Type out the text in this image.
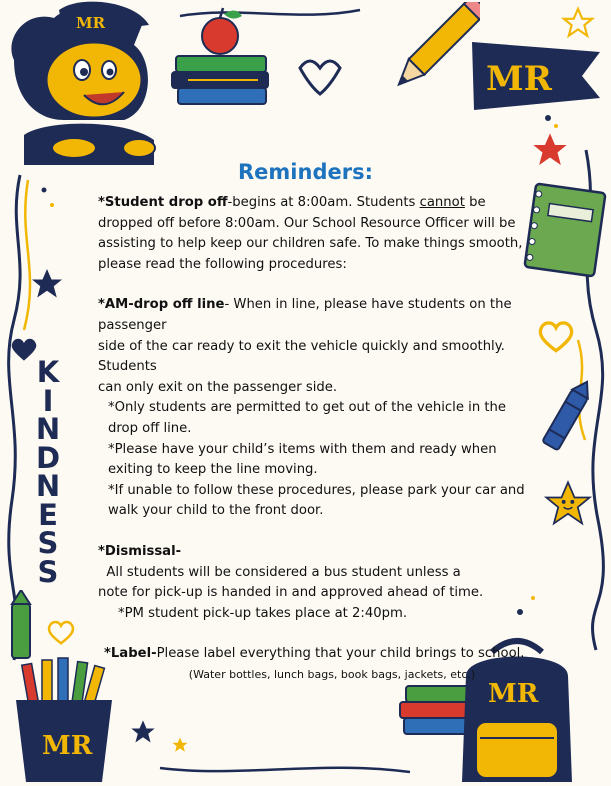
MR
MR
MR
MR
Reminders:
K
I
N
D
N
E
S
S

*Student drop off-begins at 8:00am. Students cannot be

dropped off before 8:00am. Our School Resource Officer will be

assisting to help keep our children safe. To make things smooth,

please read the following procedures:

*AM-drop off line- When in line, please have students on the

passenger

side of the car ready to exit the vehicle quickly and smoothly.

Students

can only exit on the passenger side.

*Only students are permitted to get out of the vehicle in the

drop off line.

*Please have your child’s items with them and ready when

exiting to keep the line moving.

*If unable to follow these procedures, please park your car and

walk your child to the front door.

*Dismissal-  All students will be considered a bus student unless a

note for pick-up is handed in and approved ahead of time.

*PM student pick-up takes place at 2:40pm.

*Label-Please label everything that your child brings to school.

(Water bottles, lunch bags, book bags, jackets, etc.)
